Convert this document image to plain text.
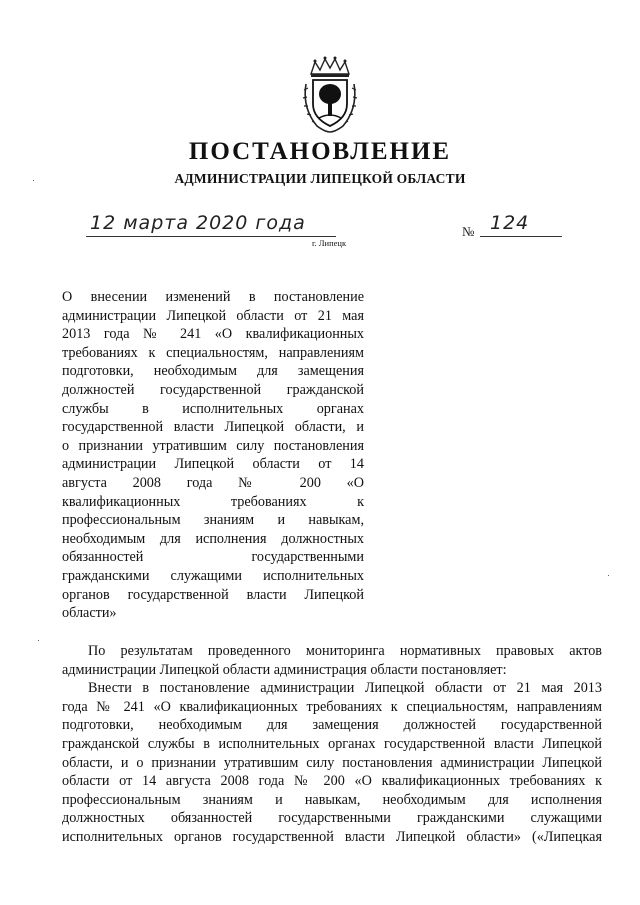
ПОСТАНОВЛЕНИЕ
АДМИНИСТРАЦИИ ЛИПЕЦКОЙ ОБЛАСТИ
12 марта 2020 года
г. Липецк
№ 124

О внесении изменений в постановление
администрации Липецкой области от 21 мая
2013 года № 241 «О квалификационных
требованиях к специальностям, направлениям
подготовки, необходимым для замещения
должностей государственной гражданской
службы в исполнительных органах
государственной власти Липецкой области, и
о признании утратившим силу постановления
администрации Липецкой области от 14
августа 2008 года № 200 «О
квалификационных требованиях к
профессиональным знаниям и навыкам,
необходимым для исполнения должностных
обязанностей государственными
гражданскими служащими исполнительных
органов государственной власти Липецкой
области»

По результатам проведенного мониторинга нормативных правовых актов
администрации Липецкой области администрация области постановляет:
Внести в постановление администрации Липецкой области от 21 мая 2013
года № 241 «О квалификационных требованиях к специальностям, направлениям
подготовки, необходимым для замещения должностей государственной
гражданской службы в исполнительных органах государственной власти Липецкой
области, и о признании утратившим силу постановления администрации Липецкой
области от 14 августа 2008 года № 200 «О квалификационных требованиях к
профессиональным знаниям и навыкам, необходимым для исполнения
должностных обязанностей государственными гражданскими служащими
исполнительных органов государственной власти Липецкой области» («Липецкая
